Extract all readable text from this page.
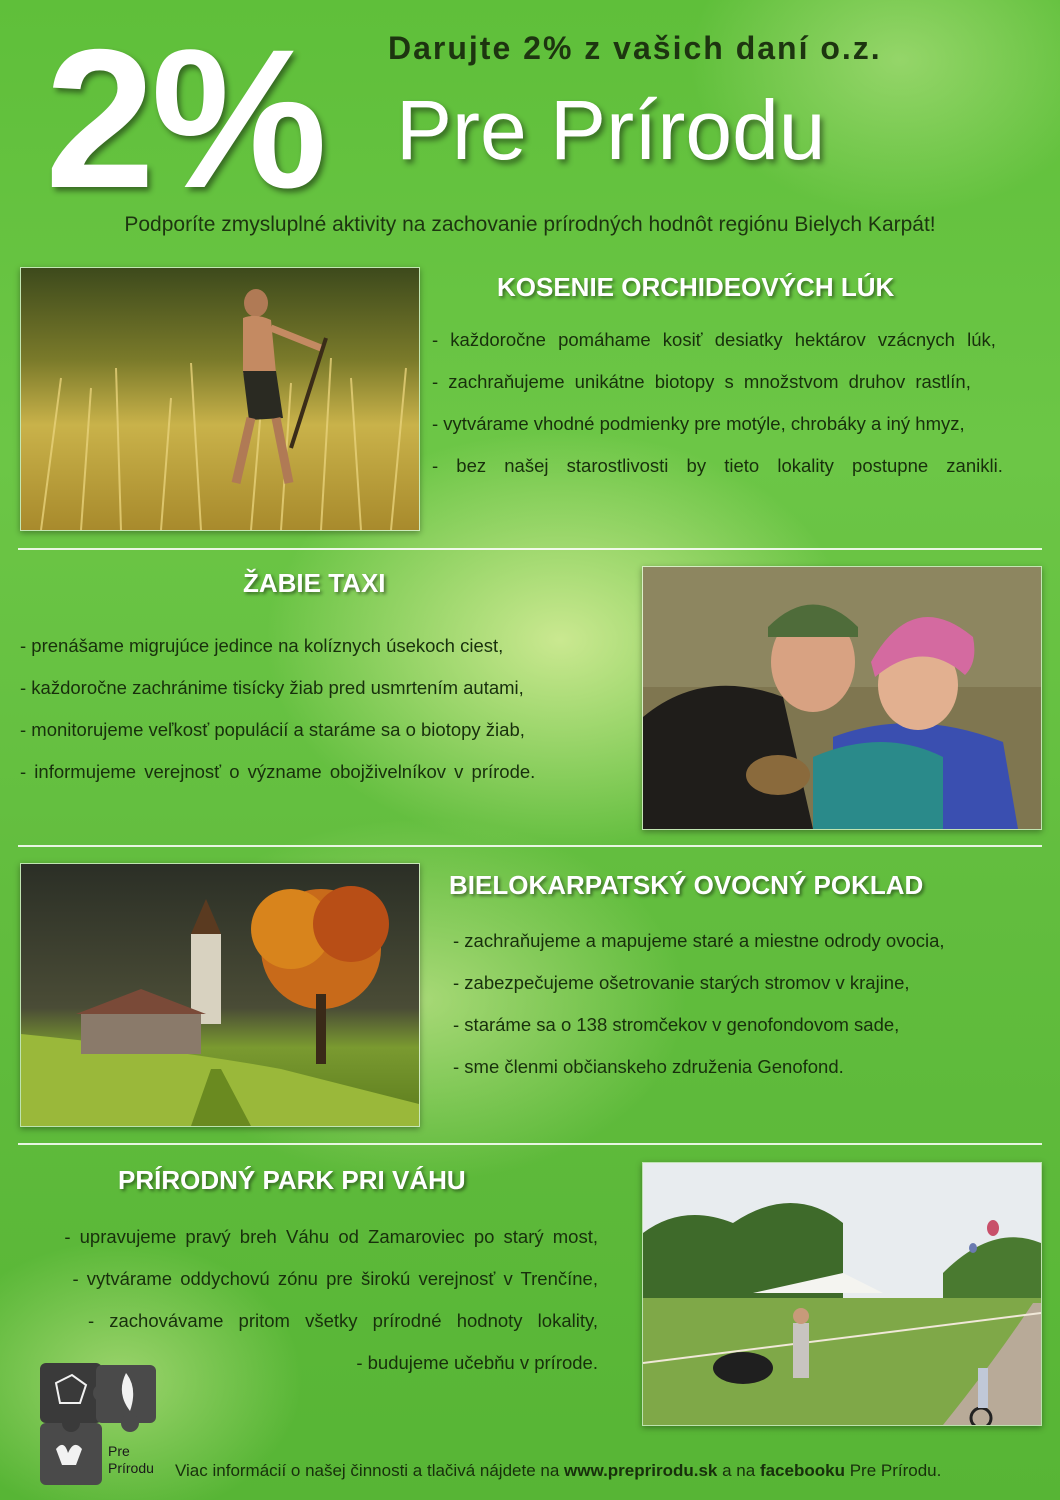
2% Darujte 2% z vašich daní o.z.
Pre Prírodu
Podporíte zmysluplné aktivity na zachovanie prírodných hodnôt regiónu Bielych Karpát!
KOSENIE ORCHIDEOVÝCH LÚK
- každoročne pomáhame kosiť desiatky hektárov vzácnych lúk,
- zachraňujeme unikátne biotopy s množstvom druhov rastlín,
- vytvárame vhodné podmienky pre motýle, chrobáky a iný hmyz,
- bez našej starostlivosti by tieto lokality postupne zanikli.
ŽABIE TAXI
- prenášame migrujúce jedince na kolíznych úsekoch ciest,
- každoročne zachránime tisícky žiab pred usmrtením autami,
- monitorujeme veľkosť populácií a staráme sa o biotopy žiab,
- informujeme verejnosť o význame obojživelníkov v prírode.
BIELOKARPATSKÝ OVOCNÝ POKLAD
- zachraňujeme a mapujeme staré a miestne odrody ovocia,
- zabezpečujeme ošetrovanie starých stromov v krajine,
- staráme sa o 138 stromčekov v genofondovom sade,
- sme členmi občianskeho združenia Genofond.
PRÍRODNÝ PARK PRI VÁHU
- upravujeme pravý breh Váhu od Zamaroviec po starý most,
- vytvárame oddychovú zónu pre širokú verejnosť v Trenčíne,
- zachovávame pritom všetky prírodné hodnoty lokality,
- budujeme učebňu v prírode.
Pre
Prírodu Viac informácií o našej činnosti a tlačivá nájdete na www.preprirodu.sk a na facebooku Pre Prírodu.
